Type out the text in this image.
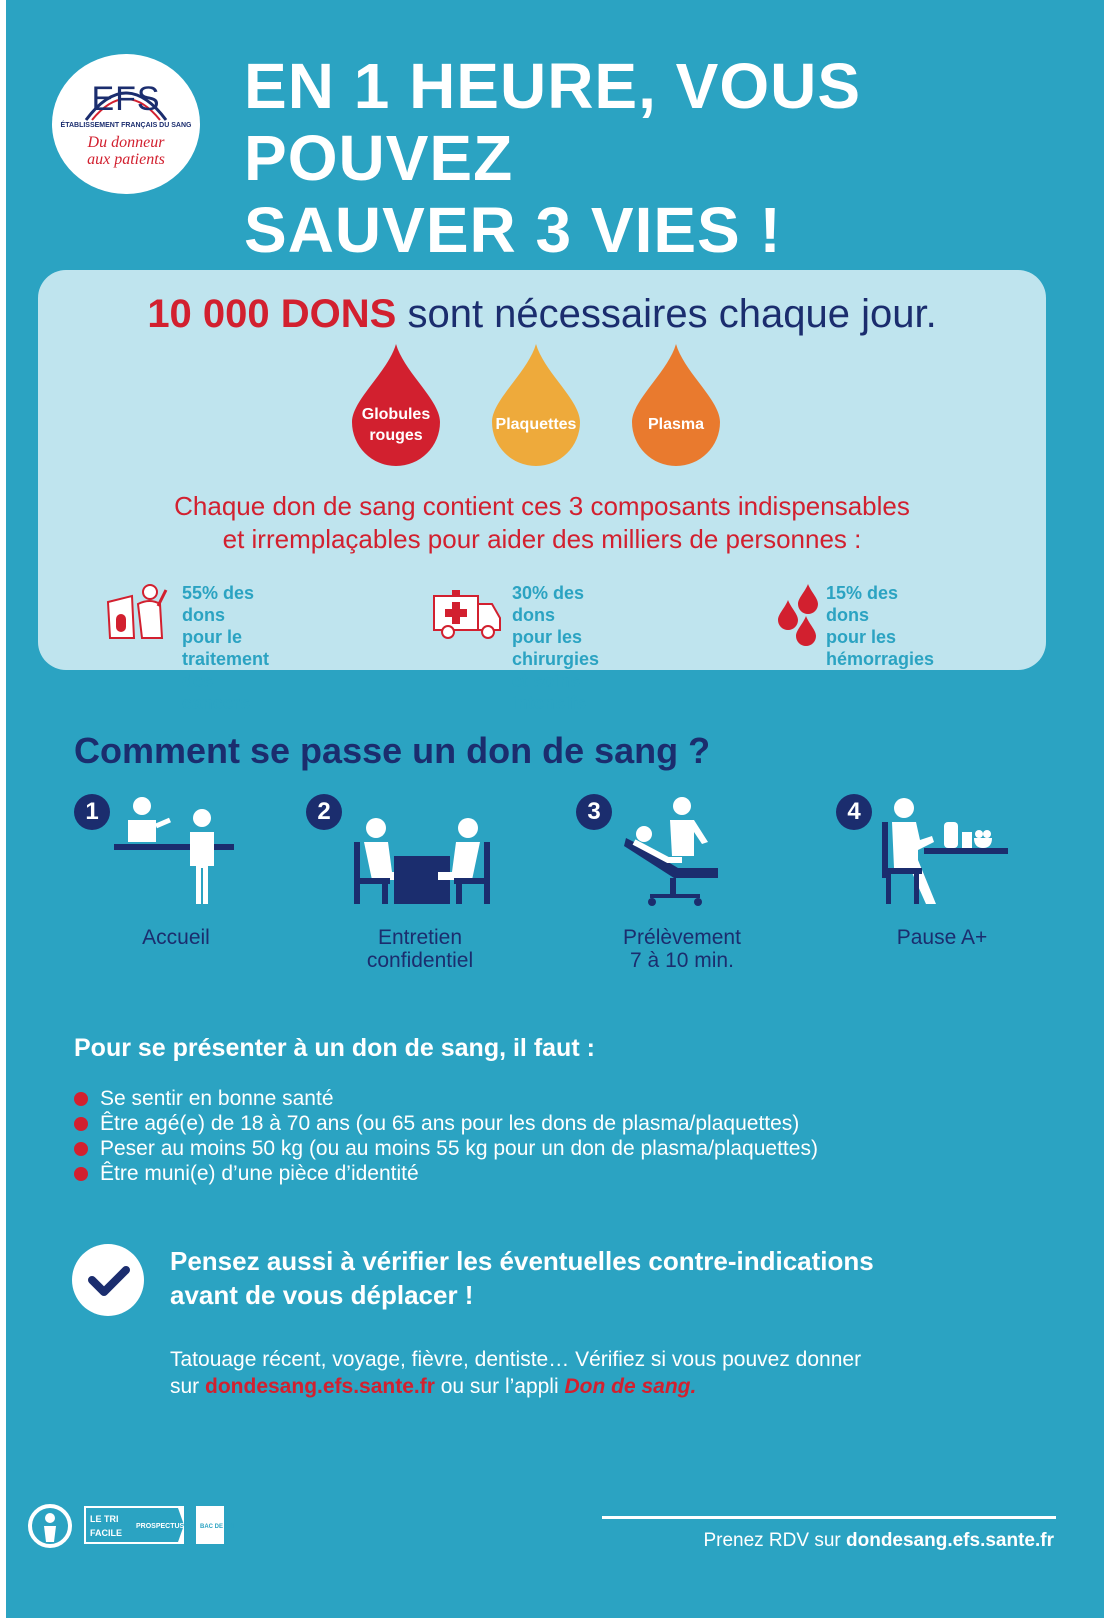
EFS
ÉTABLISSEMENT FRANÇAIS DU SANG
Du donneur
aux patients
EN 1 HEURE, VOUS POUVEZ
SAUVER 3 VIES !
10 000 DONS sont nécessaires chaque jour.
Globules
rouges
Plaquettes	Plasma
Chaque don de sang contient ces 3 composants indispensables
et irremplaçables pour aider des milliers de personnes :
55% des dons
pour le traitement
des cancers
30% des dons
pour les chirurgies
et soins intensifs
15% des dons
pour les
hémorragies
Comment se passe un don de sang ?
1
Accueil
2
Entretien
confidentiel
3
Prélèvement
7 à 10 min.
4
Pause A+
Pour se présenter à un don de sang, il faut :
Se sentir en bonne santé
Être agé(e) de 18 à 70 ans (ou 65 ans pour les dons de plasma/plaquettes)
Peser au moins 50 kg (ou au moins 55 kg pour un don de plasma/plaquettes)
Être muni(e) d’une pièce d’identité
Pensez aussi à vérifier les éventuelles contre-indications
avant de vous déplacer !
Tatouage récent, voyage, fièvre, dentiste… Vérifiez si vous pouvez donner
sur dondesang.efs.sante.fr ou sur l’appli Don de sang.
LE TRI
FACILE
PROSPECTUS	BAC DE TRI
Prenez RDV sur dondesang.efs.sante.fr
